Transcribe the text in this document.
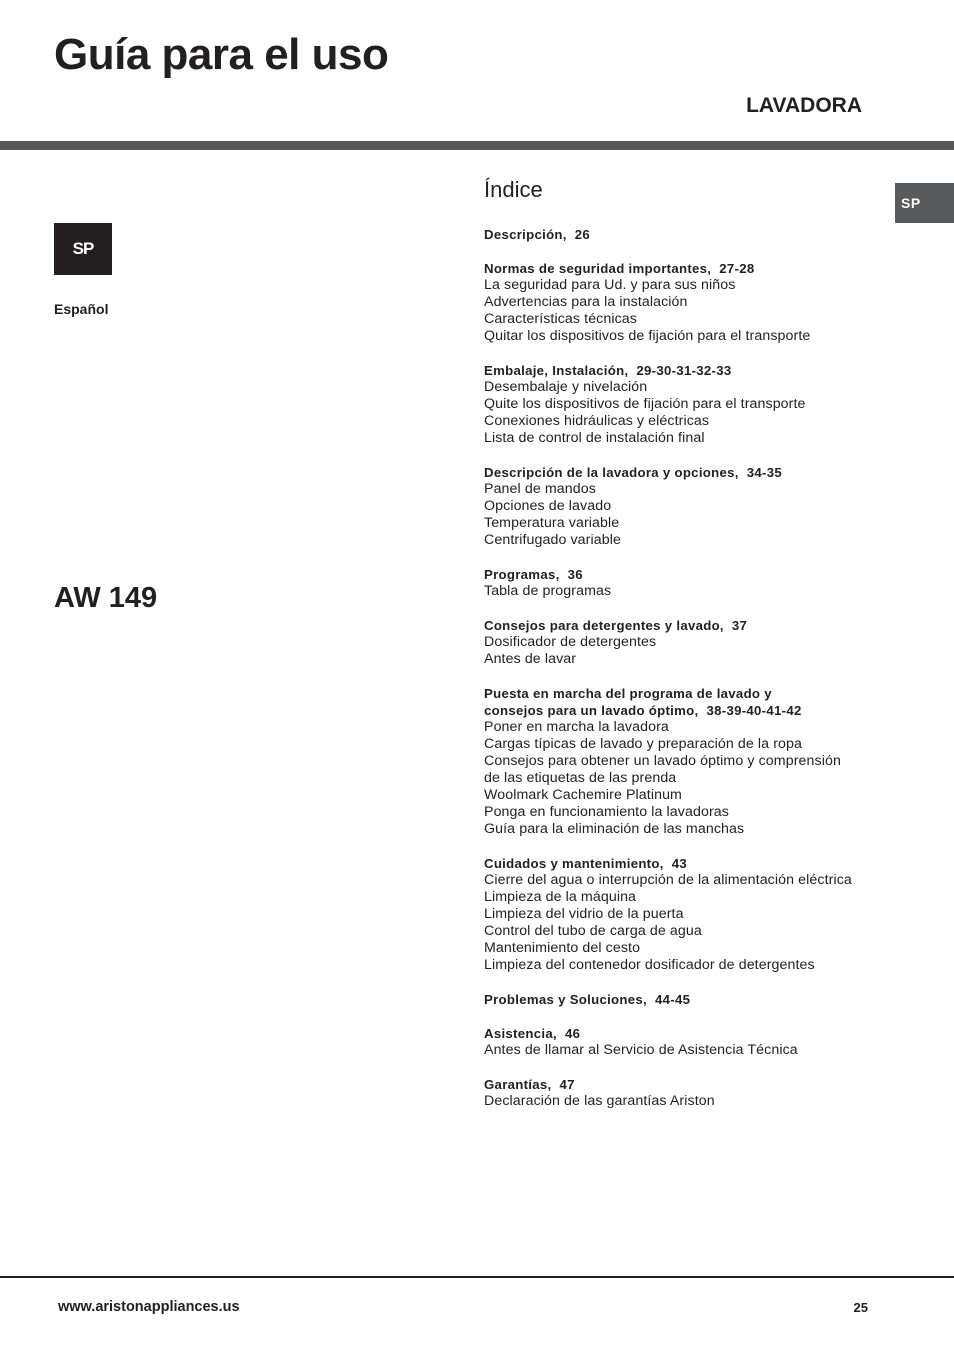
Guía para el uso
LAVADORA
SP
Español
AW 149
SP
Índice
Descripción, 26
Normas de seguridad importantes, 27-28
La seguridad para Ud. y para sus niños
Advertencias para la instalación
Características técnicas
Quitar los dispositivos de fijación para el transporte
Embalaje, Instalación, 29-30-31-32-33
Desembalaje y nivelación
Quite los dispositivos de fijación para el transporte
Conexiones hidráulicas y eléctricas
Lista de control de instalación final
Descripción de la lavadora y opciones, 34-35
Panel de mandos
Opciones de lavado
Temperatura variable
Centrifugado variable
Programas, 36
Tabla de programas
Consejos para detergentes y lavado, 37
Dosificador de detergentes
Antes de lavar
Puesta en marcha del programa de lavado y
consejos para un lavado óptimo, 38-39-40-41-42
Poner en marcha la lavadora
Cargas típicas de lavado y preparación de la ropa
Consejos para obtener un lavado óptimo y comprensión
de las etiquetas de las prenda
Woolmark Cachemire Platinum
Ponga en funcionamiento la lavadoras
Guía para la eliminación de las manchas
Cuidados y mantenimiento, 43
Cierre del agua o interrupción de la alimentación eléctrica
Limpieza de la máquina
Limpieza del vidrio de la puerta
Control del tubo de carga de agua
Mantenimiento del cesto
Limpieza del contenedor dosificador de detergentes
Problemas y Soluciones, 44-45
Asistencia, 46
Antes de llamar al Servicio de Asistencia Técnica
Garantías, 47
Declaración de las garantías Ariston
www.aristonappliances.us	25
